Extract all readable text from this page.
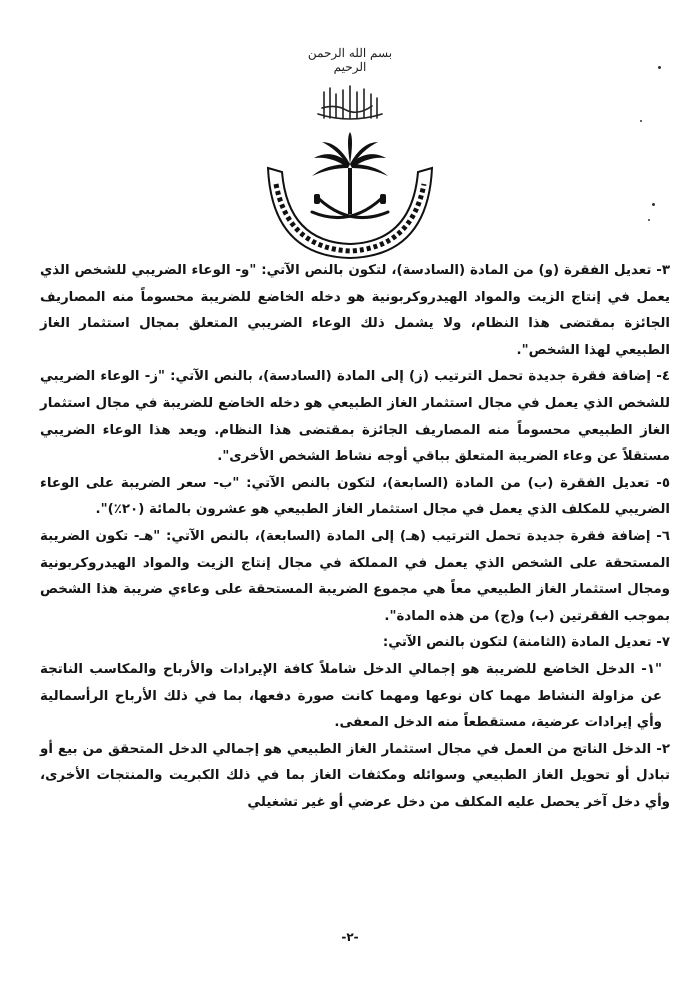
بسم الله الرحمن الرحيم
المملكة العربية السعودية

٣- تعديل الفقرة (و) من المادة (السادسة)، لتكون بالنص الآتي: "و- الوعاء الضريبي للشخص الذي يعمل في إنتاج الزيت والمواد الهيدروكربونية هو دخله الخاضع للضريبة محسوماً منه المصاريف الجائزة بمقتضى هذا النظام، ولا يشمل ذلك الوعاء الضريبي المتعلق بمجال استثمار الغاز الطبيعي لهذا الشخص".

٤- إضافة فقرة جديدة تحمل الترتيب (ز) إلى المادة (السادسة)، بالنص الآتي: "ز- الوعاء الضريبي للشخص الذي يعمل في مجال استثمار الغاز الطبيعي هو دخله الخاضع للضريبة في مجال استثمار الغاز الطبيعي محسوماً منه المصاريف الجائزة بمقتضى هذا النظام. ويعد هذا الوعاء الضريبي مستقلاً عن وعاء الضريبة المتعلق بباقي أوجه نشاط الشخص الأخرى".

٥- تعديل الفقرة (ب) من المادة (السابعة)، لتكون بالنص الآتي: "ب- سعر الضريبة على الوعاء الضريبي للمكلف الذي يعمل في مجال استثمار الغاز الطبيعي هو عشرون بالمائة (٢٠٪)".

٦- إضافة فقرة جديدة تحمل الترتيب (هـ) إلى المادة (السابعة)، بالنص الآتي: "هـ- تكون الضريبة المستحقة على الشخص الذي يعمل في المملكة في مجال إنتاج الزيت والمواد الهيدروكربونية ومجال استثمار الغاز الطبيعي معاً هي مجموع الضريبة المستحقة على وعاءي ضريبة هذا الشخص بموجب الفقرتين (ب) و(ج) من هذه المادة".

٧- تعديل المادة (الثامنة) لتكون بالنص الآتي:

"١- الدخل الخاضع للضريبة هو إجمالي الدخل شاملاً كافة الإيرادات والأرباح والمكاسب الناتجة عن مزاولة النشاط مهما كان نوعها ومهما كانت صورة دفعها، بما في ذلك الأرباح الرأسمالية وأي إيرادات عرضية، مستقطعاً منه الدخل المعفى.

٢- الدخل الناتج من العمل في مجال استثمار الغاز الطبيعي هو إجمالي الدخل المتحقق من بيع أو تبادل أو تحويل الغاز الطبيعي وسوائله ومكثفات الغاز بما في ذلك الكبريت والمنتجات الأخرى، وأي دخل آخر يحصل عليه المكلف من دخل عرضي أو غير تشغيلي

-٢-
